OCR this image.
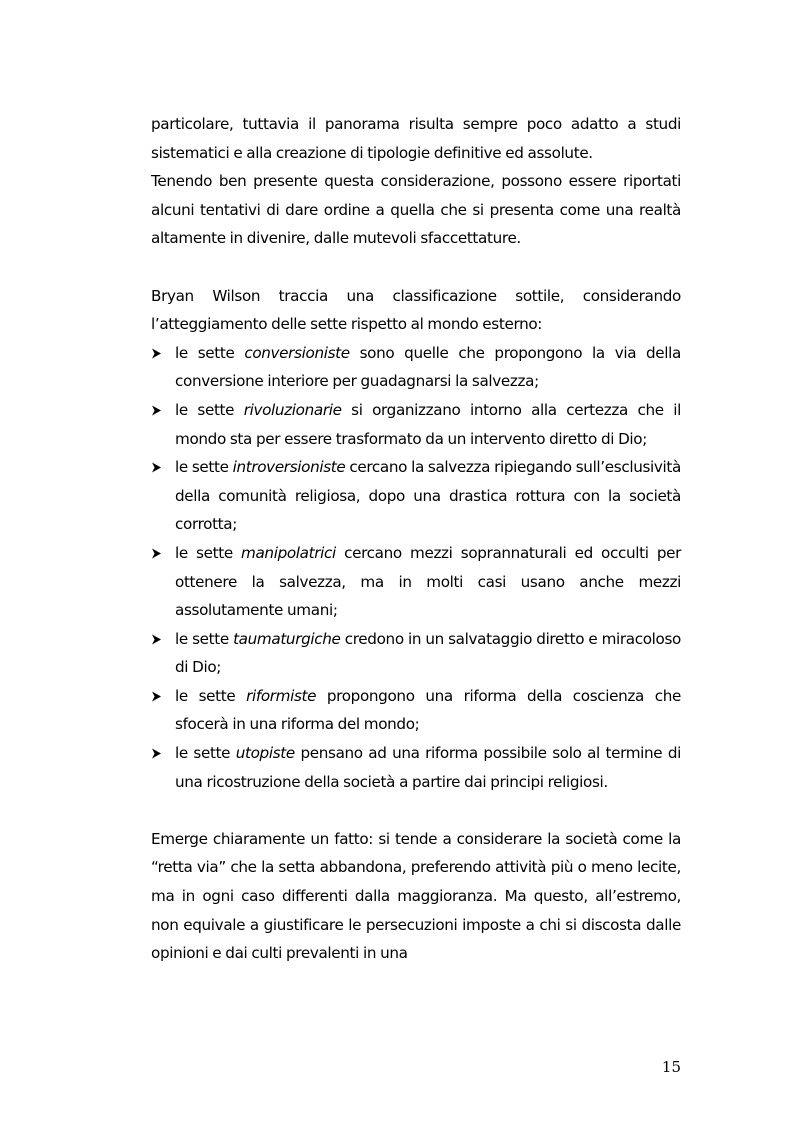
particolare, tuttavia il panorama risulta sempre poco adatto a studi sistematici e alla creazione di tipologie definitive ed assolute.

Tenendo ben presente questa considerazione, possono essere riportati alcuni tentativi di dare ordine a quella che si presenta come una realtà altamente in divenire, dalle mutevoli sfaccettature.

Bryan Wilson traccia una classificazione sottile, considerando l’atteggiamento delle sette rispetto al mondo esterno:

le sette conversioniste sono quelle che propongono la via della conversione interiore per guadagnarsi la salvezza;
le sette rivoluzionarie si organizzano intorno alla certezza che il mondo sta per essere trasformato da un intervento diretto di Dio;
le sette introversioniste cercano la salvezza ripiegando sull’esclusività della comunità religiosa, dopo una drastica rottura con la società corrotta;
le sette manipolatrici cercano mezzi soprannaturali ed occulti per ottenere la salvezza, ma in molti casi usano anche mezzi assolutamente umani;
le sette taumaturgiche credono in un salvataggio diretto e miracoloso di Dio;
le sette riformiste propongono una riforma della coscienza che sfocerà in una riforma del mondo;
le sette utopiste pensano ad una riforma possibile solo al termine di una ricostruzione della società a partire dai principi religiosi.

Emerge chiaramente un fatto: si tende a considerare la società come la “retta via” che la setta abbandona, preferendo attività più o meno lecite, ma in ogni caso differenti dalla maggioranza. Ma questo, all’estremo, non equivale a giustificare le persecuzioni imposte a chi si discosta dalle opinioni e dai culti prevalenti in una

15
